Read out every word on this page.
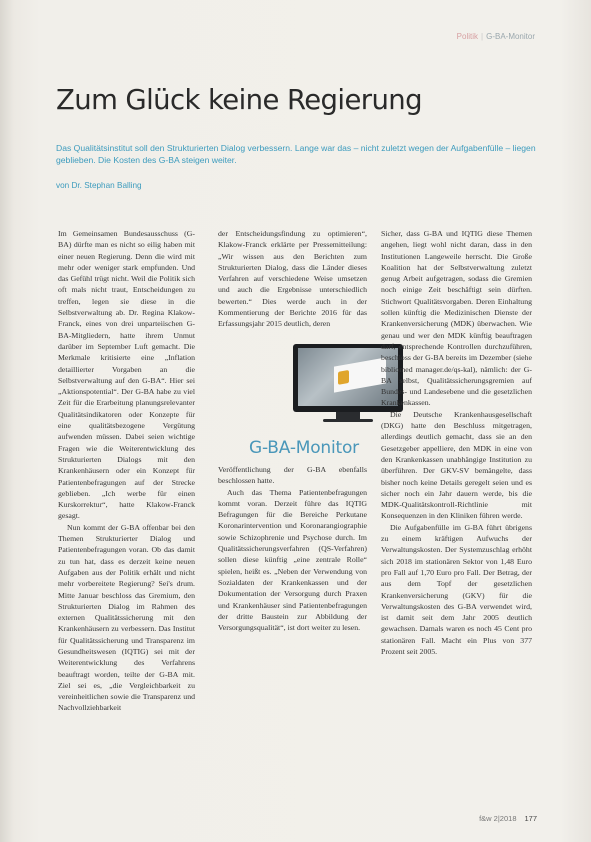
Politik | G-BA-Monitor
Zum Glück keine Regierung

Das Qualitätsinstitut soll den Strukturierten Dialog verbessern. Lange war das – nicht zuletzt wegen der Aufgabenfülle – liegen geblieben. Die Kosten des G-BA steigen weiter.

von Dr. Stephan Balling

Im Gemeinsamen Bundesausschuss (G-BA) dürfte man es nicht so eilig haben mit einer neuen Regierung. Denn die wird mit mehr oder weniger stark empfunden. Und das Gefühl trügt nicht. Weil die Politik sich oft mals nicht traut, Entscheidungen zu treffen, legen sie diese in die Selbstverwaltung ab. Dr. Regina Klakow-Franck, eines von drei unparteiischen G-BA-Mitgliedern, hatte ihrem Unmut darüber im September Luft gemacht. Die Merkmale kritisierte eine „Inflation detaillierter Vorgaben an die Selbstverwaltung auf den G-BA“. Hier sei „Aktionspotential“. Der G-BA habe zu viel Zeit für die Erarbeitung planungsrelevanter Qualitätsindikatoren oder Konzepte für eine qualitätsbezogene Vergütung aufwenden müssen. Dabei seien wichtige Fragen wie die Weiterentwicklung des Strukturierten Dialogs mit den Krankenhäusern oder ein Konzept für Patientenbefragungen auf der Strecke geblieben. „Ich werbe für einen Kurskorrektur“, hatte Klakow-Franck gesagt.

Nun kommt der G-BA offenbar bei den Themen Strukturierter Dialog und Patientenbefragungen voran. Ob das damit zu tun hat, dass es derzeit keine neuen Aufgaben aus der Politik erhält und nicht mehr vorbereitete Regierung? Sei's drum. Mitte Januar beschloss das Gremium, den Strukturierten Dialog im Rahmen des externen Qualitätssicherung mit den Krankenhäusern zu verbessern. Das Institut für Qualitätssicherung und Transparenz im Gesundheitswesen (IQTIG) sei mit der Weiterentwicklung des Verfahrens beauftragt worden, teilte der G-BA mit. Ziel sei es, „die Vergleichbarkeit zu vereinheitlichen sowie die Transparenz und Nachvollziehbarkeit

der Entscheidungsfindung zu optimieren“, Klakow-Franck erklärte per Pressemitteilung: „Wir wissen aus den Berichten zum Strukturierten Dialog, dass die Länder dieses Verfahren auf verschiedene Weise umsetzen und auch die Ergebnisse unterschiedlich bewerten.“ Dies werde auch in der Kommentierung der Berichte 2016 für das Erfassungsjahr 2015 deutlich, deren

G-BA-Monitor

Veröffentlichung der G-BA ebenfalls beschlossen hatte.

Auch das Thema Patientenbefragungen kommt voran. Derzeit führe das IQTIG Befragungen für die Bereiche Perkutane Koronarintervention und Koronarangiographie sowie Schizophrenie und Psychose durch. Im Qualitätssicherungsverfahren (QS-Verfahren) sollen diese künftig „eine zentrale Rolle“ spielen, heißt es. „Neben der Verwendung von Sozialdaten der Krankenkassen und der Dokumentation der Versorgung durch Praxen und Krankenhäuser sind Patientenbefragungen der dritte Baustein zur Abbildung der Versorgungsqualität“, ist dort weiter zu lesen.

Sicher, dass G-BA und IQTIG diese Themen angehen, liegt wohl nicht daran, dass in den Institutionen Langeweile herrscht. Die Große Koalition hat der Selbstverwaltung zuletzt genug Arbeit aufgetragen, sodass die Gremien noch einige Zeit beschäftigt sein dürften. Stichwort Qualitätsvorgaben. Deren Einhaltung sollen künftig die Medizinischen Dienste der Krankenversicherung (MDK) überwachen. Wie genau und wer den MDK künftig beauftragen darf, entsprechende Kontrollen durchzuführen, beschloss der G-BA bereits im Dezember (siehe bibliomed manager.de/qs-kal), nämlich: der G-BA selbst, Qualitätssicherungsgremien auf Bundes- und Landesebene und die gesetzlichen Krankenkassen.

Die Deutsche Krankenhausgesellschaft (DKG) hatte den Beschluss mitgetragen, allerdings deutlich gemacht, dass sie an den Gesetzgeber appelliere, den MDK in eine von den Krankenkassen unabhängige Institution zu überführen. Der GKV-SV bemängelte, dass bisher noch keine Details geregelt seien und es sicher noch ein Jahr dauern werde, bis die MDK-Qualitätskontroll-Richtlinie mit Konsequenzen in den Kliniken führen werde.

Die Aufgabenfülle im G-BA führt übrigens zu einem kräftigen Aufwuchs der Verwaltungskosten. Der Systemzuschlag erhöht sich 2018 im stationären Sektor von 1,48 Euro pro Fall auf 1,70 Euro pro Fall. Der Betrag, der aus dem Topf der gesetzlichen Krankenversicherung (GKV) für die Verwaltungskosten des G-BA verwendet wird, ist damit seit dem Jahr 2005 deutlich gewachsen. Damals waren es noch 45 Cent pro stationären Fall. Macht ein Plus von 377 Prozent seit 2005.

f&w 2|2018 177
